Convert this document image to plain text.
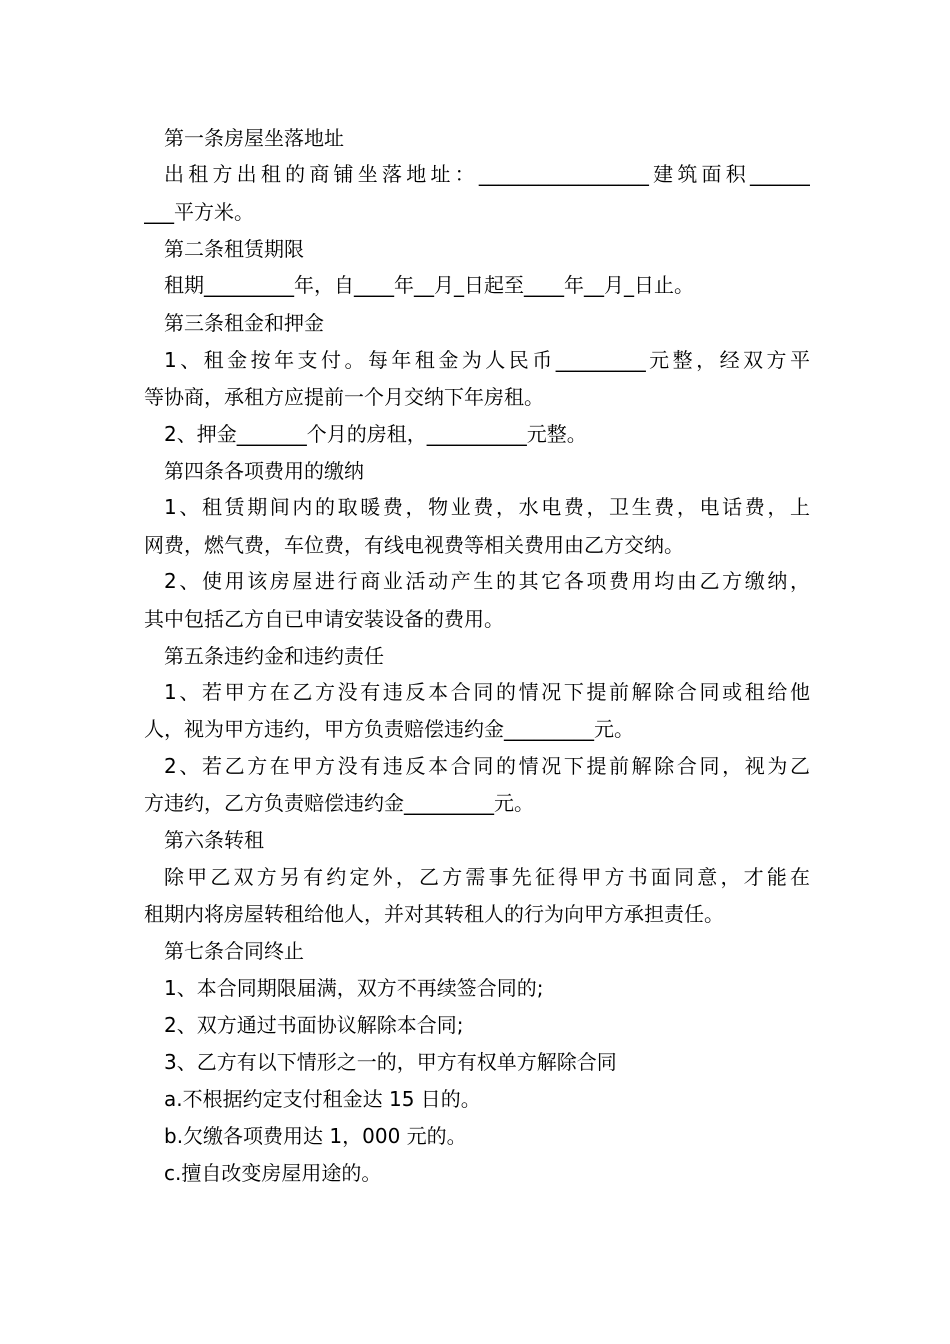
第一条房屋坐落地址

出租方出租的商铺坐落地址：_________________建筑面积______

___平方米。

第二条租赁期限

租期_________年，自____年__月_日起至____年__月_日止。

第三条租金和押金

1、租金按年支付。每年租金为人民币_________元整，经双方平

等协商，承租方应提前一个月交纳下年房租。

2、押金_______个月的房租，__________元整。

第四条各项费用的缴纳

1、租赁期间内的取暖费，物业费，水电费，卫生费，电话费，上

网费，燃气费，车位费，有线电视费等相关费用由乙方交纳。

2、使用该房屋进行商业活动产生的其它各项费用均由乙方缴纳，

其中包括乙方自已申请安装设备的费用。

第五条违约金和违约责任

1、若甲方在乙方没有违反本合同的情况下提前解除合同或租给他

人，视为甲方违约，甲方负责赔偿违约金_________元。

2、若乙方在甲方没有违反本合同的情况下提前解除合同，视为乙

方违约，乙方负责赔偿违约金_________元。

第六条转租

除甲乙双方另有约定外，乙方需事先征得甲方书面同意，才能在

租期内将房屋转租给他人，并对其转租人的行为向甲方承担责任。

第七条合同终止

1、本合同期限届满，双方不再续签合同的;

2、双方通过书面协议解除本合同;

3、乙方有以下情形之一的，甲方有权单方解除合同

a.不根据约定支付租金达 15 日的。

b.欠缴各项费用达 1，000 元的。

c.擅自改变房屋用途的。
